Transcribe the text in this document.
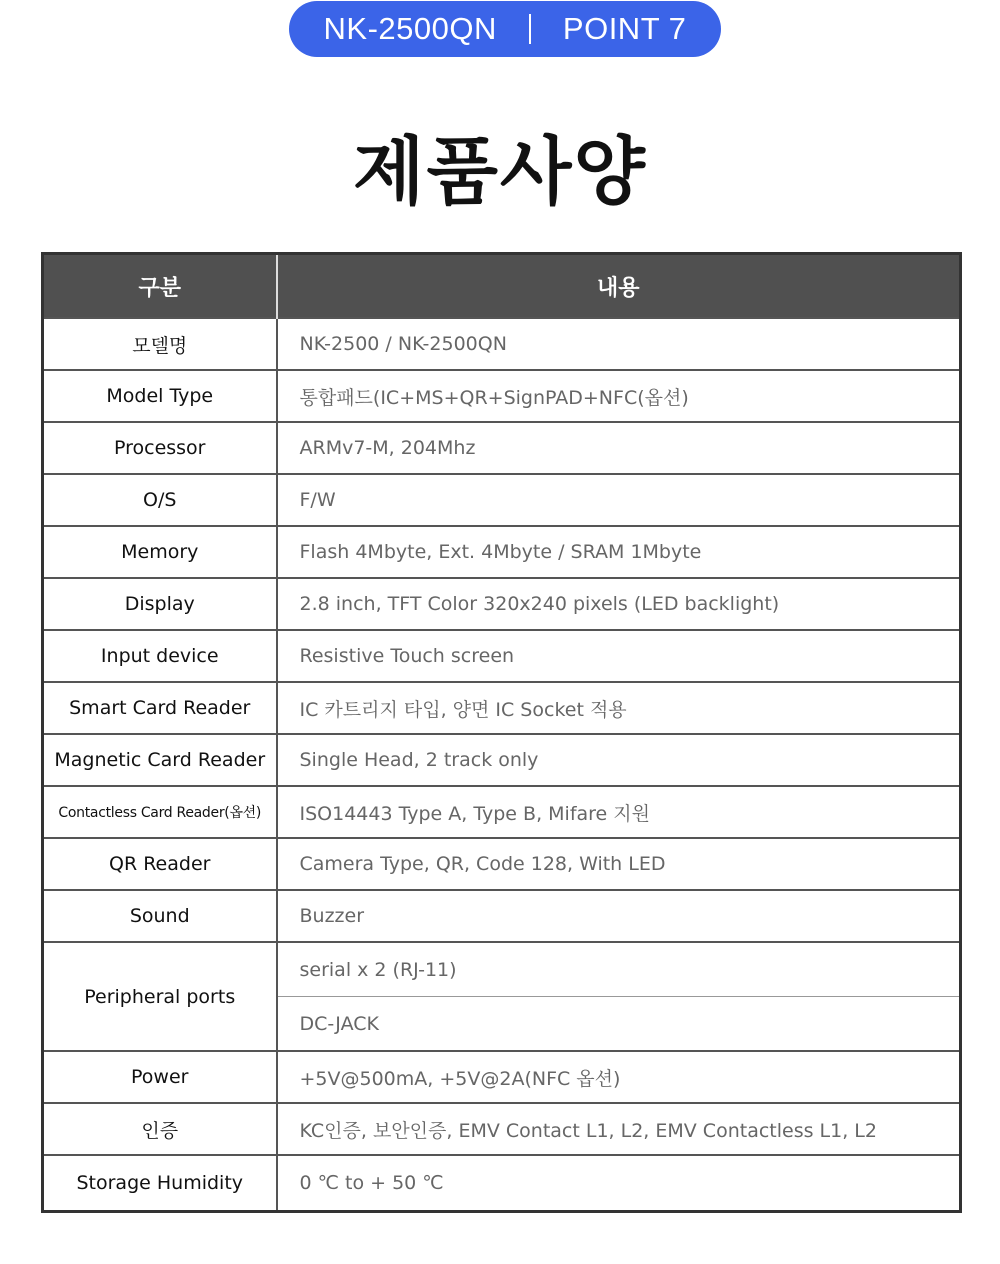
NK-2500QN POINT 7
제품사양
구분	내용
모델명	NK-2500 / NK-2500QN
Model Type	통합패드(IC+MS+QR+SignPAD+NFC(옵션)
Processor	ARMv7-M, 204Mhz
O/S	F/W
Memory	Flash 4Mbyte, Ext. 4Mbyte / SRAM 1Mbyte
Display	2.8 inch, TFT Color 320x240 pixels (LED backlight)
Input device	Resistive Touch screen
Smart Card Reader	IC 카트리지 타입, 양면 IC Socket 적용
Magnetic Card Reader	Single Head, 2 track only
Contactless Card Reader(옵션)	ISO14443 Type A, Type B, Mifare 지원
QR Reader	Camera Type, QR, Code 128, With LED
Sound	Buzzer
Peripheral ports	serial x 2 (RJ-11)
	DC-JACK
Power	+5V@500mA, +5V@2A(NFC 옵션)
인증	KC인증, 보안인증, EMV Contact L1, L2, EMV Contactless L1, L2
Storage Humidity	0 ℃ to + 50 ℃
